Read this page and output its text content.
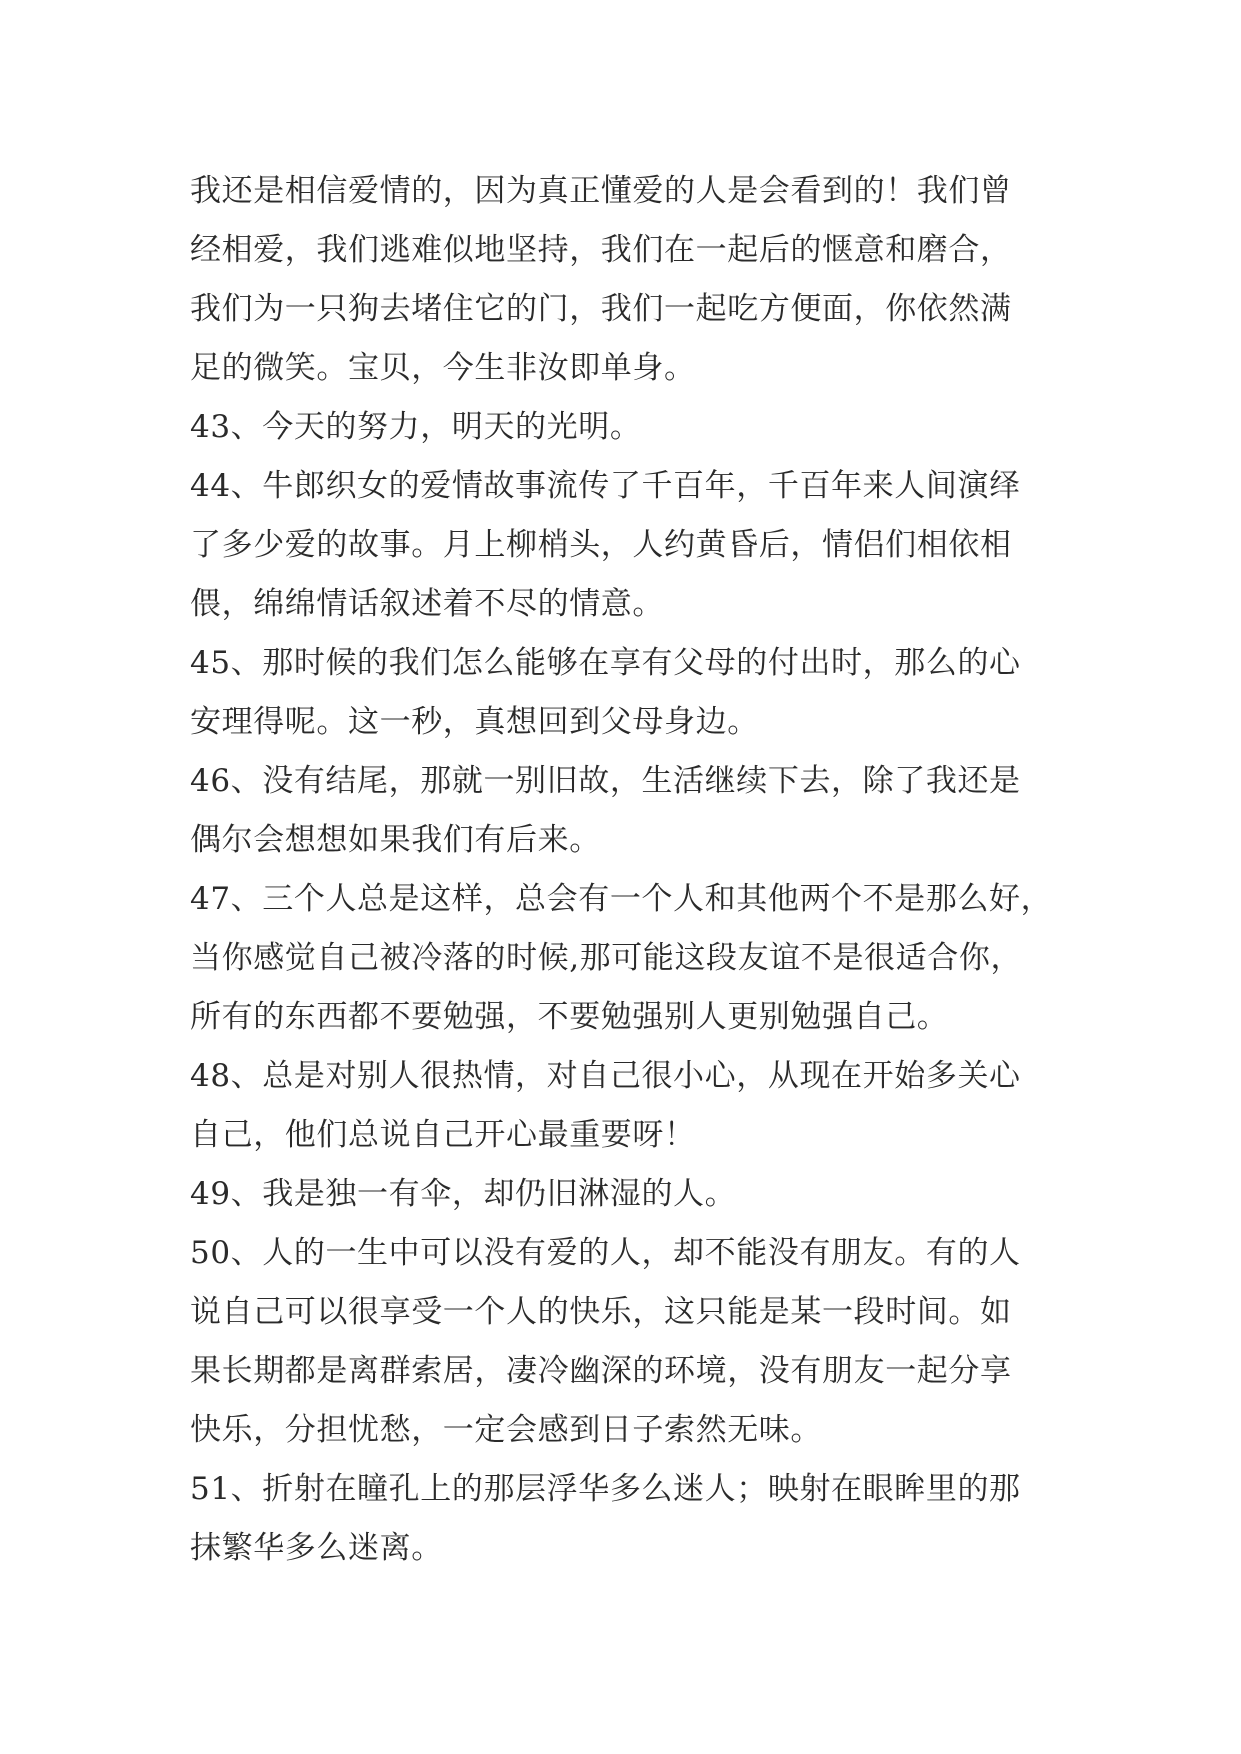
我还是相信爱情的，因为真正懂爱的人是会看到的！我们曾
经相爱，我们逃难似地坚持，我们在一起后的惬意和磨合，
我们为一只狗去堵住它的门，我们一起吃方便面，你依然满
足的微笑。宝贝，今生非汝即单身。
43、今天的努力，明天的光明。
44、牛郎织女的爱情故事流传了千百年，千百年来人间演绎
了多少爱的故事。月上柳梢头，人约黄昏后，情侣们相依相
偎，绵绵情话叙述着不尽的情意。
45、那时候的我们怎么能够在享有父母的付出时，那么的心
安理得呢。这一秒，真想回到父母身边。
46、没有结尾，那就一别旧故，生活继续下去，除了我还是
偶尔会想想如果我们有后来。
47、三个人总是这样，总会有一个人和其他两个不是那么好，
当你感觉自己被冷落的时候,那可能这段友谊不是很适合你，
所有的东西都不要勉强，不要勉强别人更别勉强自己。
48、总是对别人很热情，对自己很小心，从现在开始多关心
自己，他们总说自己开心最重要呀！
49、我是独一有伞，却仍旧淋湿的人。
50、人的一生中可以没有爱的人，却不能没有朋友。有的人
说自己可以很享受一个人的快乐，这只能是某一段时间。如
果长期都是离群索居，凄冷幽深的环境，没有朋友一起分享
快乐，分担忧愁，一定会感到日子索然无味。
51、折射在瞳孔上的那层浮华多么迷人；映射在眼眸里的那
抹繁华多么迷离。
